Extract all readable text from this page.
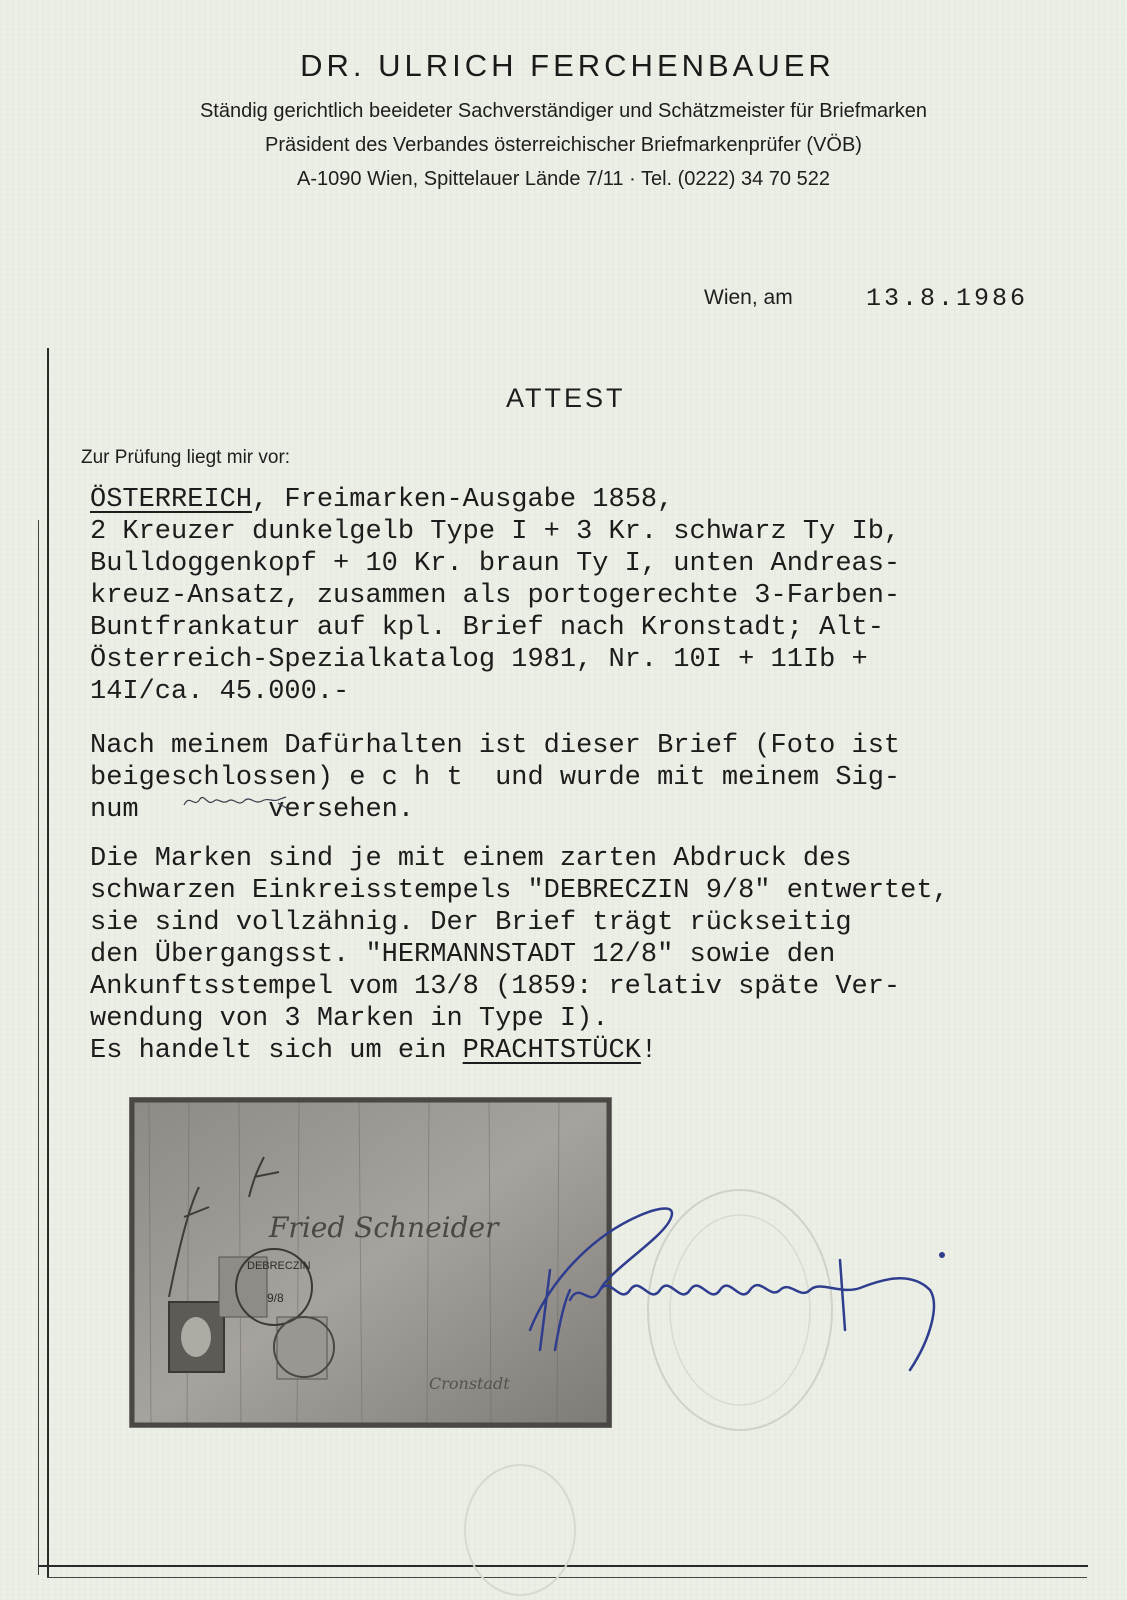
DR. ULRICH FERCHENBAUER
Ständig gerichtlich beeideter Sachverständiger und Schätzmeister für Briefmarken
Präsident des Verbandes österreichischer Briefmarkenprüfer (VÖB)
A-1090 Wien, Spittelauer Lände 7/11 · Tel. (0222) 34 70 522
Wien, am	13.8.1986
ATTEST
Zur Prüfung liegt mir vor:
ÖSTERREICH, Freimarken-Ausgabe 1858,
2 Kreuzer dunkelgelb Type I + 3 Kr. schwarz Ty Ib,
Bulldoggenkopf + 10 Kr. braun Ty I, unten Andreas-
kreuz-Ansatz, zusammen als portogerechte 3-Farben-
Buntfrankatur auf kpl. Brief nach Kronstadt; Alt-
Österreich-Spezialkatalog 1981, Nr. 10I + 11Ib +
14I/ca. 45.000.-
Nach meinem Dafürhalten ist dieser Brief (Foto ist
beigeschlossen) e c h t  und wurde mit meinem Sig-
num	versehen.
Die Marken sind je mit einem zarten Abdruck des
schwarzen Einkreisstempels "DEBRECZIN 9/8" entwertet,
sie sind vollzähnig. Der Brief trägt rückseitig
den Übergangsst. "HERMANNSTADT 12/8" sowie den
Ankunftsstempel vom 13/8 (1859: relativ späte Ver-
wendung von 3 Marken in Type I).
Es handelt sich um ein PRACHTSTÜCK!
Fried Schneider
Cronstadt
DEBRECZIN
9/8
